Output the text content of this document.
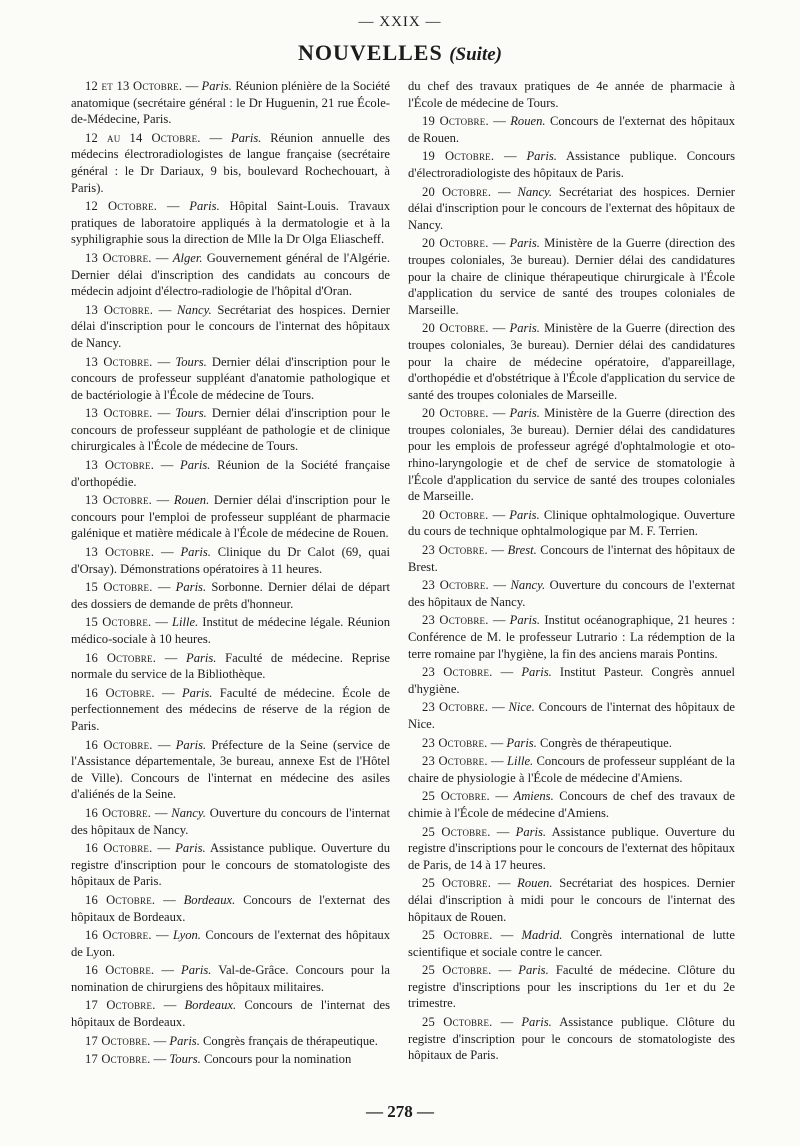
— XXIX —
NOUVELLES (Suite)

12 et 13 Octobre. — Paris. Réunion plénière de la Société anatomique (secrétaire général : le Dr Huguenin, 21 rue École-de-Médecine, Paris.

12 au 14 Octobre. — Paris. Réunion annuelle des médecins électroradiologistes de langue française (secrétaire général : le Dr Dariaux, 9 bis, boulevard Rochechouart, à Paris).

12 Octobre. — Paris. Hôpital Saint-Louis. Travaux pratiques de laboratoire appliqués à la dermatologie et à la syphiligraphie sous la direction de Mlle la Dr Olga Eliascheff.

13 Octobre. — Alger. Gouvernement général de l'Algérie. Dernier délai d'inscription des candidats au concours de médecin adjoint d'électro-radiologie de l'hôpital d'Oran.

13 Octobre. — Nancy. Secrétariat des hospices. Dernier délai d'inscription pour le concours de l'internat des hôpitaux de Nancy.

13 Octobre. — Tours. Dernier délai d'inscription pour le concours de professeur suppléant d'anatomie pathologique et de bactériologie à l'École de médecine de Tours.

13 Octobre. — Tours. Dernier délai d'inscription pour le concours de professeur suppléant de pathologie et de clinique chirurgicales à l'École de médecine de Tours.

13 Octobre. — Paris. Réunion de la Société française d'orthopédie.

13 Octobre. — Rouen. Dernier délai d'inscription pour le concours pour l'emploi de professeur suppléant de pharmacie galénique et matière médicale à l'École de médecine de Rouen.

13 Octobre. — Paris. Clinique du Dr Calot (69, quai d'Orsay). Démonstrations opératoires à 11 heures.

15 Octobre. — Paris. Sorbonne. Dernier délai de départ des dossiers de demande de prêts d'honneur.

15 Octobre. — Lille. Institut de médecine légale. Réunion médico-sociale à 10 heures.

16 Octobre. — Paris. Faculté de médecine. Reprise normale du service de la Bibliothèque.

16 Octobre. — Paris. Faculté de médecine. École de perfectionnement des médecins de réserve de la région de Paris.

16 Octobre. — Paris. Préfecture de la Seine (service de l'Assistance départementale, 3e bureau, annexe Est de l'Hôtel de Ville). Concours de l'internat en médecine des asiles d'aliénés de la Seine.

16 Octobre. — Nancy. Ouverture du concours de l'internat des hôpitaux de Nancy.

16 Octobre. — Paris. Assistance publique. Ouverture du registre d'inscription pour le concours de stomatologiste des hôpitaux de Paris.

16 Octobre. — Bordeaux. Concours de l'externat des hôpitaux de Bordeaux.

16 Octobre. — Lyon. Concours de l'externat des hôpitaux de Lyon.

16 Octobre. — Paris. Val-de-Grâce. Concours pour la nomination de chirurgiens des hôpitaux militaires.

17 Octobre. — Bordeaux. Concours de l'internat des hôpitaux de Bordeaux.

17 Octobre. — Paris. Congrès français de thérapeutique.

17 Octobre. — Tours. Concours pour la nomination

du chef des travaux pratiques de 4e année de pharmacie à l'École de médecine de Tours.

19 Octobre. — Rouen. Concours de l'externat des hôpitaux de Rouen.

19 Octobre. — Paris. Assistance publique. Concours d'électroradiologiste des hôpitaux de Paris.

20 Octobre. — Nancy. Secrétariat des hospices. Dernier délai d'inscription pour le concours de l'externat des hôpitaux de Nancy.

20 Octobre. — Paris. Ministère de la Guerre (direction des troupes coloniales, 3e bureau). Dernier délai des candidatures pour la chaire de clinique thérapeutique chirurgicale à l'École d'application du service de santé des troupes coloniales de Marseille.

20 Octobre. — Paris. Ministère de la Guerre (direction des troupes coloniales, 3e bureau). Dernier délai des candidatures pour la chaire de médecine opératoire, d'appareillage, d'orthopédie et d'obstétrique à l'École d'application du service de santé des troupes coloniales de Marseille.

20 Octobre. — Paris. Ministère de la Guerre (direction des troupes coloniales, 3e bureau). Dernier délai des candidatures pour les emplois de professeur agrégé d'ophtalmologie et oto-rhino-laryngologie et de chef de service de stomatologie à l'École d'application du service de santé des troupes coloniales de Marseille.

20 Octobre. — Paris. Clinique ophtalmologique. Ouverture du cours de technique ophtalmologique par M. F. Terrien.

23 Octobre. — Brest. Concours de l'internat des hôpitaux de Brest.

23 Octobre. — Nancy. Ouverture du concours de l'externat des hôpitaux de Nancy.

23 Octobre. — Paris. Institut océanographique, 21 heures : Conférence de M. le professeur Lutrario : La rédemption de la terre romaine par l'hygiène, la fin des anciens marais Pontins.

23 Octobre. — Paris. Institut Pasteur. Congrès annuel d'hygiène.

23 Octobre. — Nice. Concours de l'internat des hôpitaux de Nice.

23 Octobre. — Paris. Congrès de thérapeutique.

23 Octobre. — Lille. Concours de professeur suppléant de la chaire de physiologie à l'École de médecine d'Amiens.

25 Octobre. — Amiens. Concours de chef des travaux de chimie à l'École de médecine d'Amiens.

25 Octobre. — Paris. Assistance publique. Ouverture du registre d'inscriptions pour le concours de l'externat des hôpitaux de Paris, de 14 à 17 heures.

25 Octobre. — Rouen. Secrétariat des hospices. Dernier délai d'inscription à midi pour le concours de l'internat des hôpitaux de Rouen.

25 Octobre. — Madrid. Congrès international de lutte scientifique et sociale contre le cancer.

25 Octobre. — Paris. Faculté de médecine. Clôture du registre d'inscriptions pour les inscriptions du 1er et du 2e trimestre.

25 Octobre. — Paris. Assistance publique. Clôture du registre d'inscription pour le concours de stomatologiste des hôpitaux de Paris.

— 278 —
